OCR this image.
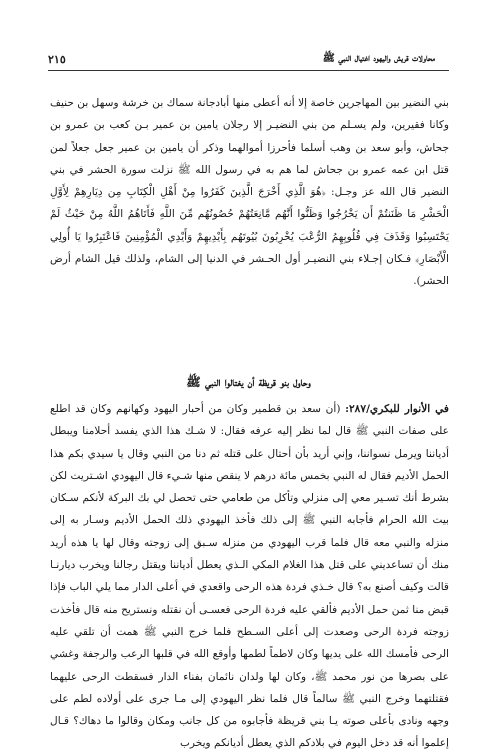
محاولات قريش واليهود اغتيال النبي ﷺ
٢١٥
بني النضير بين المهاجرين خاصة إلا أنه أعطى منها أبادجانة سماك بن خرشة وسهل بن حنيف وكانا فقيرين، ولم يسـلم من بني النضيـر إلا رجلان يامين بن عمير بـن كعب بن عمرو بن جحاش، وأبو سعد بن وهب أسلما فأحرزا أموالهما وذكر أن يامين بن عمير جعل جعلاً لمن قتل ابن عمه عمرو بن جحاش لما هم به في رسول الله ﷺ نزلت سورة الحشر في بني النضير قال الله عز وجـل: ﴿هُوَ الَّذِي أَخْرَجَ الَّذِينَ كَفَرُوا مِنْ أَهْلِ الْكِتَابِ مِن دِيَارِهِمْ لِأَوَّلِ الْحَشْرِ مَا ظَنَنتُمْ أَن يَخْرُجُوا وَظَنُّوا أَنَّهُم مَّانِعَتُهُمْ حُصُونُهُم مِّنَ اللَّهِ فَأَتَاهُمُ اللَّهُ مِنْ حَيْثُ لَمْ يَحْتَسِبُوا وَقَذَفَ فِي قُلُوبِهِمُ الرُّعْبَ يُخْرِبُونَ بُيُوتَهُم بِأَيْدِيهِمْ وَأَيْدِي الْمُؤْمِنِينَ فَاعْتَبِرُوا يَا أُولِي الْأَبْصَارِ﴾ فـكان إجـلاء بني النضيـر أول الحـشر في الدنيا إلى الشام، ولذلك قيل الشام أرض الحشر).
وحاول بنو قريظة أن يغتالوا النبي ﷺ
في الأنوار للبكري/٢٨٧: (أن سعد بن قطمير وكان من أحبار اليهود وكهانهم وكان قد اطلع على صفات النبي ﷺ قال لما نظر إليه عرفه فقال: لا شـك هذا الذي يفسد أحلامنا ويبطل أدياننا ويرمل نسواننا، وإني أريد بأن أحتال على قتله ثم دنا من النبي وقال يا سيدي بكم هذا الحمل الأديم فقال له النبي بخمس مائة درهم لا ينقص منها شـيء قال اليهودي اشـتريت لكن بشرط أنك تسـير معي إلى منزلي وتأكل من طعامي حتى تحصل لي بك البركة لأنكم سـكان بيت الله الحرام فأجابه النبي ﷺ إلى ذلك فأخذ اليهودي ذلك الحمل الأديم وسـار به إلى منزله والنبي معه قال فلما قرب اليهودي من منزله سـبق إلى زوجته وقال لها يا هذه أريد منك أن تساعديني على قتل هذا الغلام المكي الـذي يعطل أدياننا ويقتل رجالنا ويخرب ديارنـا قالت وكيف أصنع به؟ قال خـذي فردة هذه الرحى واقعدي في أعلى الدار مما يلي الباب فإذا قبض منا ثمن حمل الأديم فألقي عليه فردة الرحى فعسـى أن نقتله ونستريح منه قال فأخذت زوجته فردة الرحى وصعدت إلى أعلى السـطح فلما خرج النبي ﷺ همت أن تلقي عليه الرحى فأمسك الله على يديها وكان لاطماً لطمها وأوقع الله في قلبها الرعب والرجفة وغشي على بصرها من نور محمد ﷺ، وكان لها ولدان نائمان بفناء الدار فسقطت الرحى عليهما فقتلتهما وخرج النبي ﷺ سالماً قال فلما نظر اليهودي إلى مـا جرى على أولاده لطم على وجهه ونادى بأعلى صوته يـا بني قريظة فأجابوه من كل جانب ومكان وقالوا ما دهاك؟ قـال إعلموا أنه قد دخل اليوم في بلادكم الذي يعطل أديانكم ويخرب
